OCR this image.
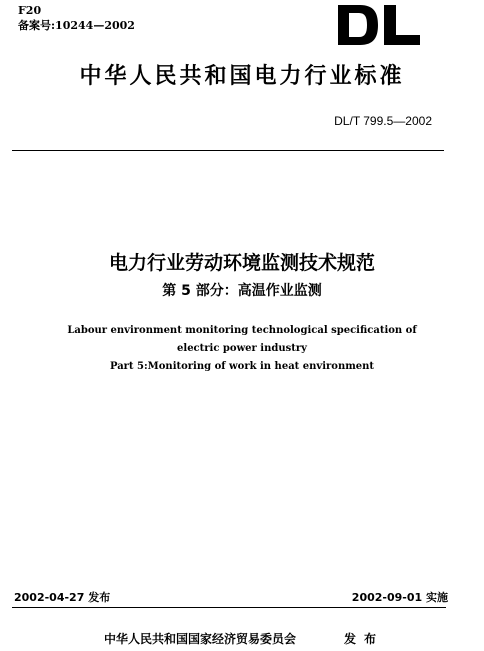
F20
备案号:10244—2002
中华人民共和国电力行业标准
DL/T 799.5—2002
电力行业劳动环境监测技术规范
第 5 部分：高温作业监测
Labour environment monitoring technological specification of
electric power industry
Part 5:Monitoring of work in heat environment
2002-04-27 发布	2002-09-01 实施
中华人民共和国国家经济贸易委员会	发布
